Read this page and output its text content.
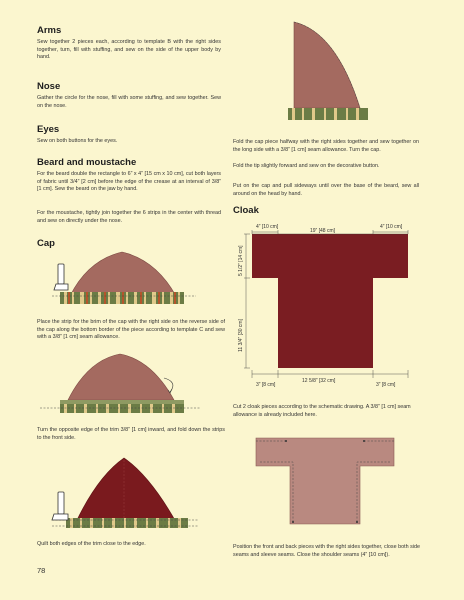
Arms

Sew together 2 pieces each, according to template B with the right sides together, turn, fill with stuffing, and sew on the side of the upper body by hand.

Nose

Gather the circle for the nose, fill with some stuffing, and sew together. Sew on the nose.

Eyes

Sew on both buttons for the eyes.

Beard and moustache

For the beard double the rectangle to 6” x 4” [15 cm x 10 cm], cut both layers of fabric until 3/4” [2 cm] before the edge of the crease at an interval of 3/8” [1 cm]. Sew the beard on the jaw by hand.

For the moustache, tightly join together the 6 strips in the center with thread and sew on directly under the nose.

Cap

Place the strip for the brim of the cap with the right side on the reverse side of the cap along the bottom border of the piece according to template C and sew with a 3/8” [1 cm] seam allowance.

Turn the opposite edge of the trim 3/8” [1 cm] inward, and fold down the strips to the front side.

Quilt both edges of the trim close to the edge.

78

Fold the cap piece halfway with the right sides together and sew together on the long side with a 3/8” [1 cm] seam allowance. Turn the cap.

Fold the tip slightly forward and sew on the decorative button.

Put on the cap and pull sideways until over the base of the beard, sew all around on the head by hand.

Cloak
4” [10 cm]
19” [48 cm]
4” [10 cm]
5 1/2” [14 cm]
11 3/4” [30 cm]
3” [8 cm]
12 5/8” [32 cm]
3” [8 cm]

Cut 2 cloak pieces according to the schematic drawing. A 3/8” [1 cm] seam allowance is already included here.

Position the front and back pieces with the right sides together, close both side seams and sleeve seams. Close the shoulder seams (4” [10 cm]).
